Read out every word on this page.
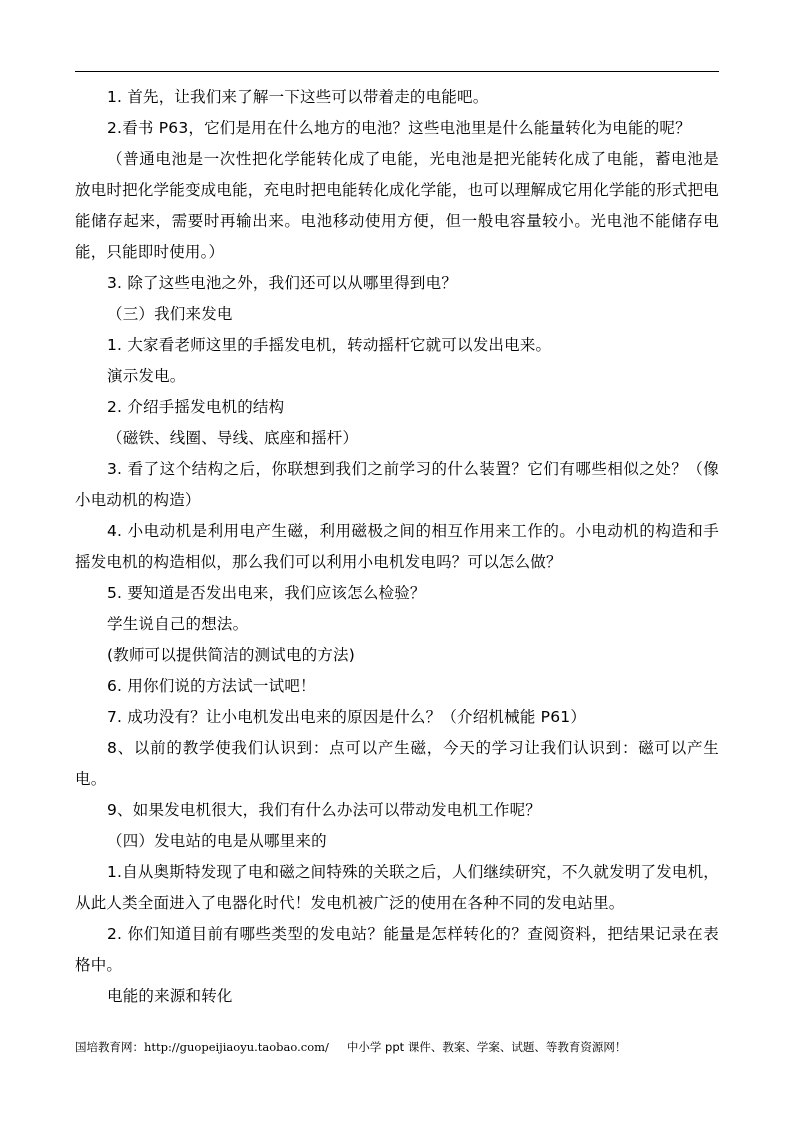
1. 首先，让我们来了解一下这些可以带着走的电能吧。

2.看书 P63，它们是用在什么地方的电池？这些电池里是什么能量转化为电能的呢？

（普通电池是一次性把化学能转化成了电能，光电池是把光能转化成了电能，蓄电池是放电时把化学能变成电能，充电时把电能转化成化学能，也可以理解成它用化学能的形式把电能储存起来，需要时再输出来。电池移动使用方便，但一般电容量较小。光电池不能储存电能，只能即时使用。）

3. 除了这些电池之外，我们还可以从哪里得到电？

（三）我们来发电

1. 大家看老师这里的手摇发电机，转动摇杆它就可以发出电来。

演示发电。

2. 介绍手摇发电机的结构

（磁铁、线圈、导线、底座和摇杆）

3. 看了这个结构之后，你联想到我们之前学习的什么装置？它们有哪些相似之处？（像小电动机的构造）

4. 小电动机是利用电产生磁，利用磁极之间的相互作用来工作的。小电动机的构造和手摇发电机的构造相似，那么我们可以利用小电机发电吗？可以怎么做？

5. 要知道是否发出电来，我们应该怎么检验？

学生说自己的想法。

(教师可以提供简洁的测试电的方法)

6. 用你们说的方法试一试吧！

7. 成功没有？让小电机发出电来的原因是什么？（介绍机械能 P61）

8、以前的教学使我们认识到：点可以产生磁，今天的学习让我们认识到：磁可以产生电。

9、如果发电机很大，我们有什么办法可以带动发电机工作呢？

（四）发电站的电是从哪里来的

1.自从奥斯特发现了电和磁之间特殊的关联之后，人们继续研究，不久就发明了发电机，从此人类全面进入了电器化时代！发电机被广泛的使用在各种不同的发电站里。

2. 你们知道目前有哪些类型的发电站？能量是怎样转化的？查阅资料，把结果记录在表格中。

电能的来源和转化

国培教育网：http://guopeijiaoyu.taobao.com/ 中小学 ppt 课件、教案、学案、试题、等教育资源网！
